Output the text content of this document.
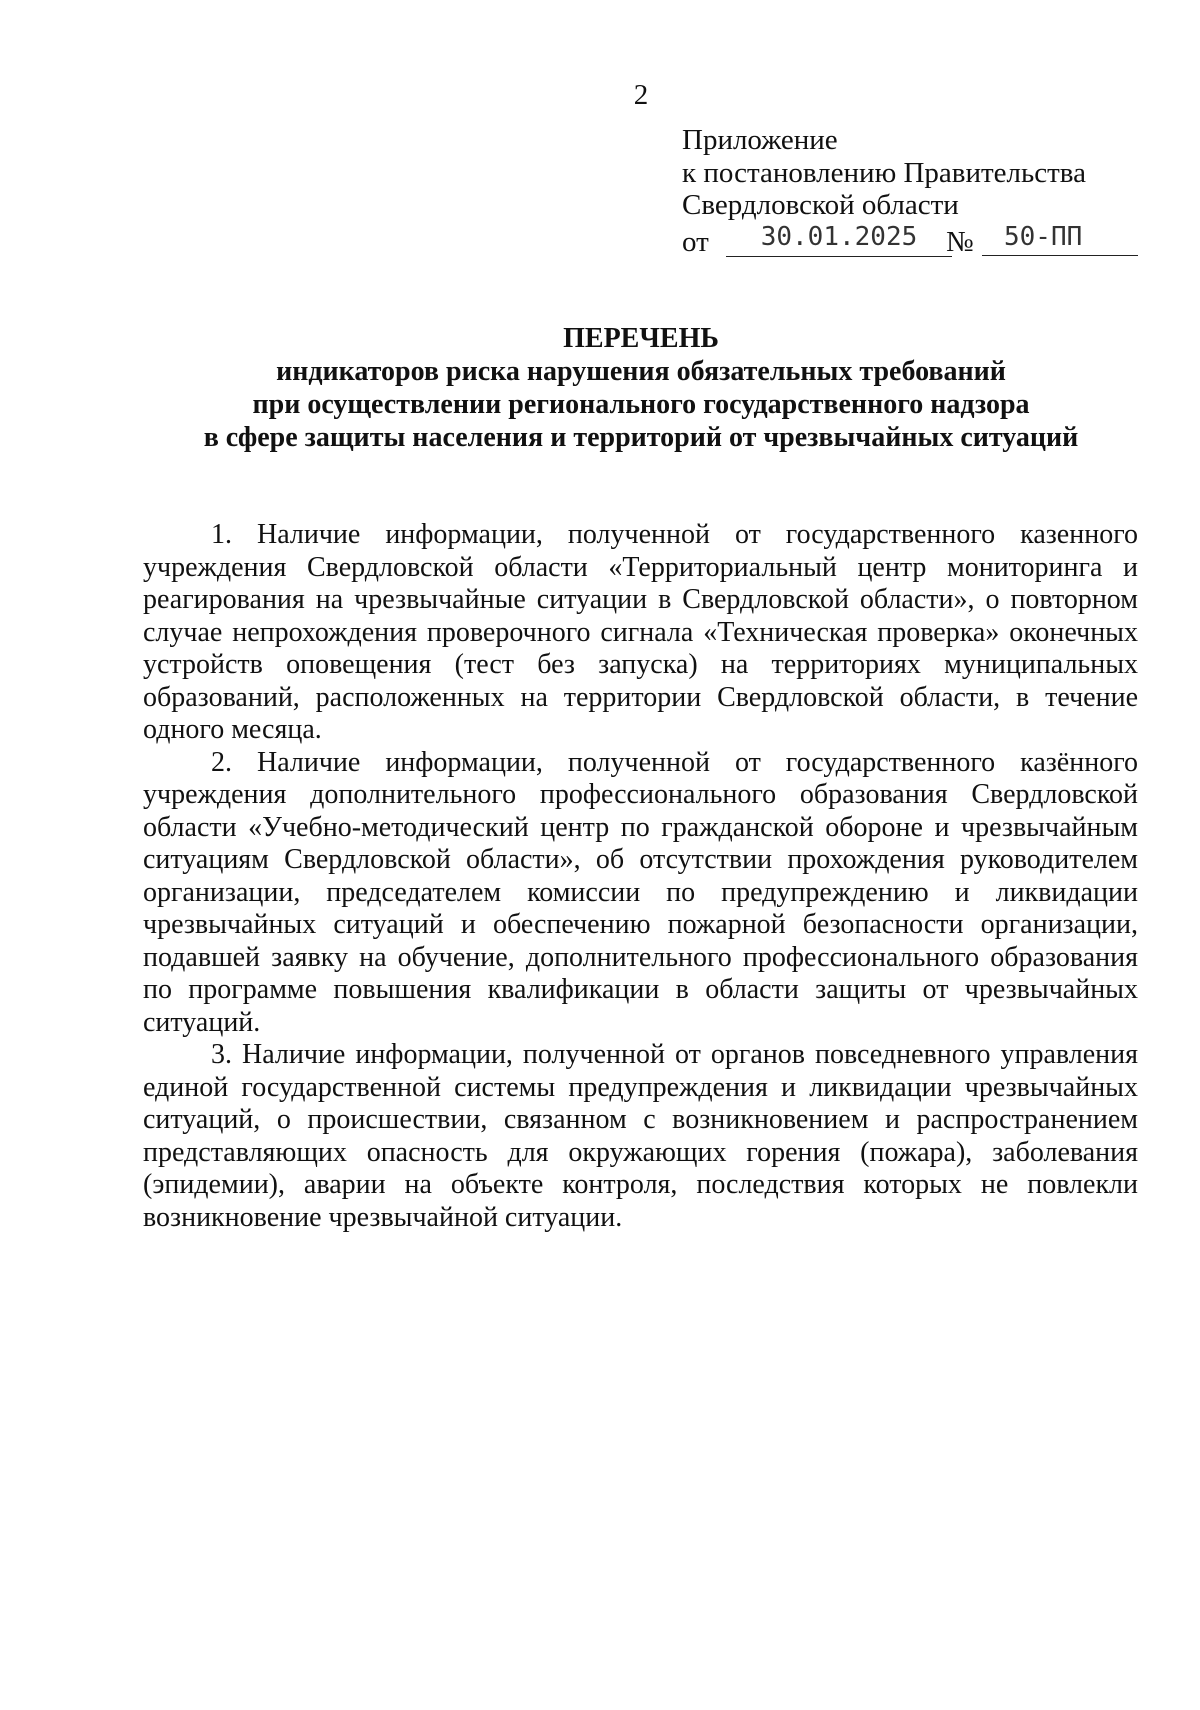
2
Приложение
к постановлению Правительства
Свердловской области
от	30.01.2025 №	50-ПП
ПЕРЕЧЕНЬ
индикаторов риска нарушения обязательных требований
при осуществлении регионального государственного надзора
в сфере защиты населения и территорий от чрезвычайных ситуаций

1. Наличие информации, полученной от государственного казенного учреждения Свердловской области «Территориальный центр мониторинга и реагирования на чрезвычайные ситуации в Свердловской области», о повторном случае непрохождения проверочного сигнала «Техническая проверка» оконечных устройств оповещения (тест без запуска) на территориях муниципальных образований, расположенных на территории Свердловской области, в течение одного месяца.

2. Наличие информации, полученной от государственного казённого учреждения дополнительного профессионального образования Свердловской области «Учебно-методический центр по гражданской обороне и чрезвычайным ситуациям Свердловской области», об отсутствии прохождения руководителем организации, председателем комиссии по предупреждению и ликвидации чрезвычайных ситуаций и обеспечению пожарной безопасности организации, подавшей заявку на обучение, дополнительного профессионального образования по программе повышения квалификации в области защиты от чрезвычайных ситуаций.

3. Наличие информации, полученной от органов повседневного управления единой государственной системы предупреждения и ликвидации чрезвычайных ситуаций, о происшествии, связанном с возникновением и распространением представляющих опасность для окружающих горения (пожара), заболевания (эпидемии), аварии на объекте контроля, последствия которых не повлекли возникновение чрезвычайной ситуации.
